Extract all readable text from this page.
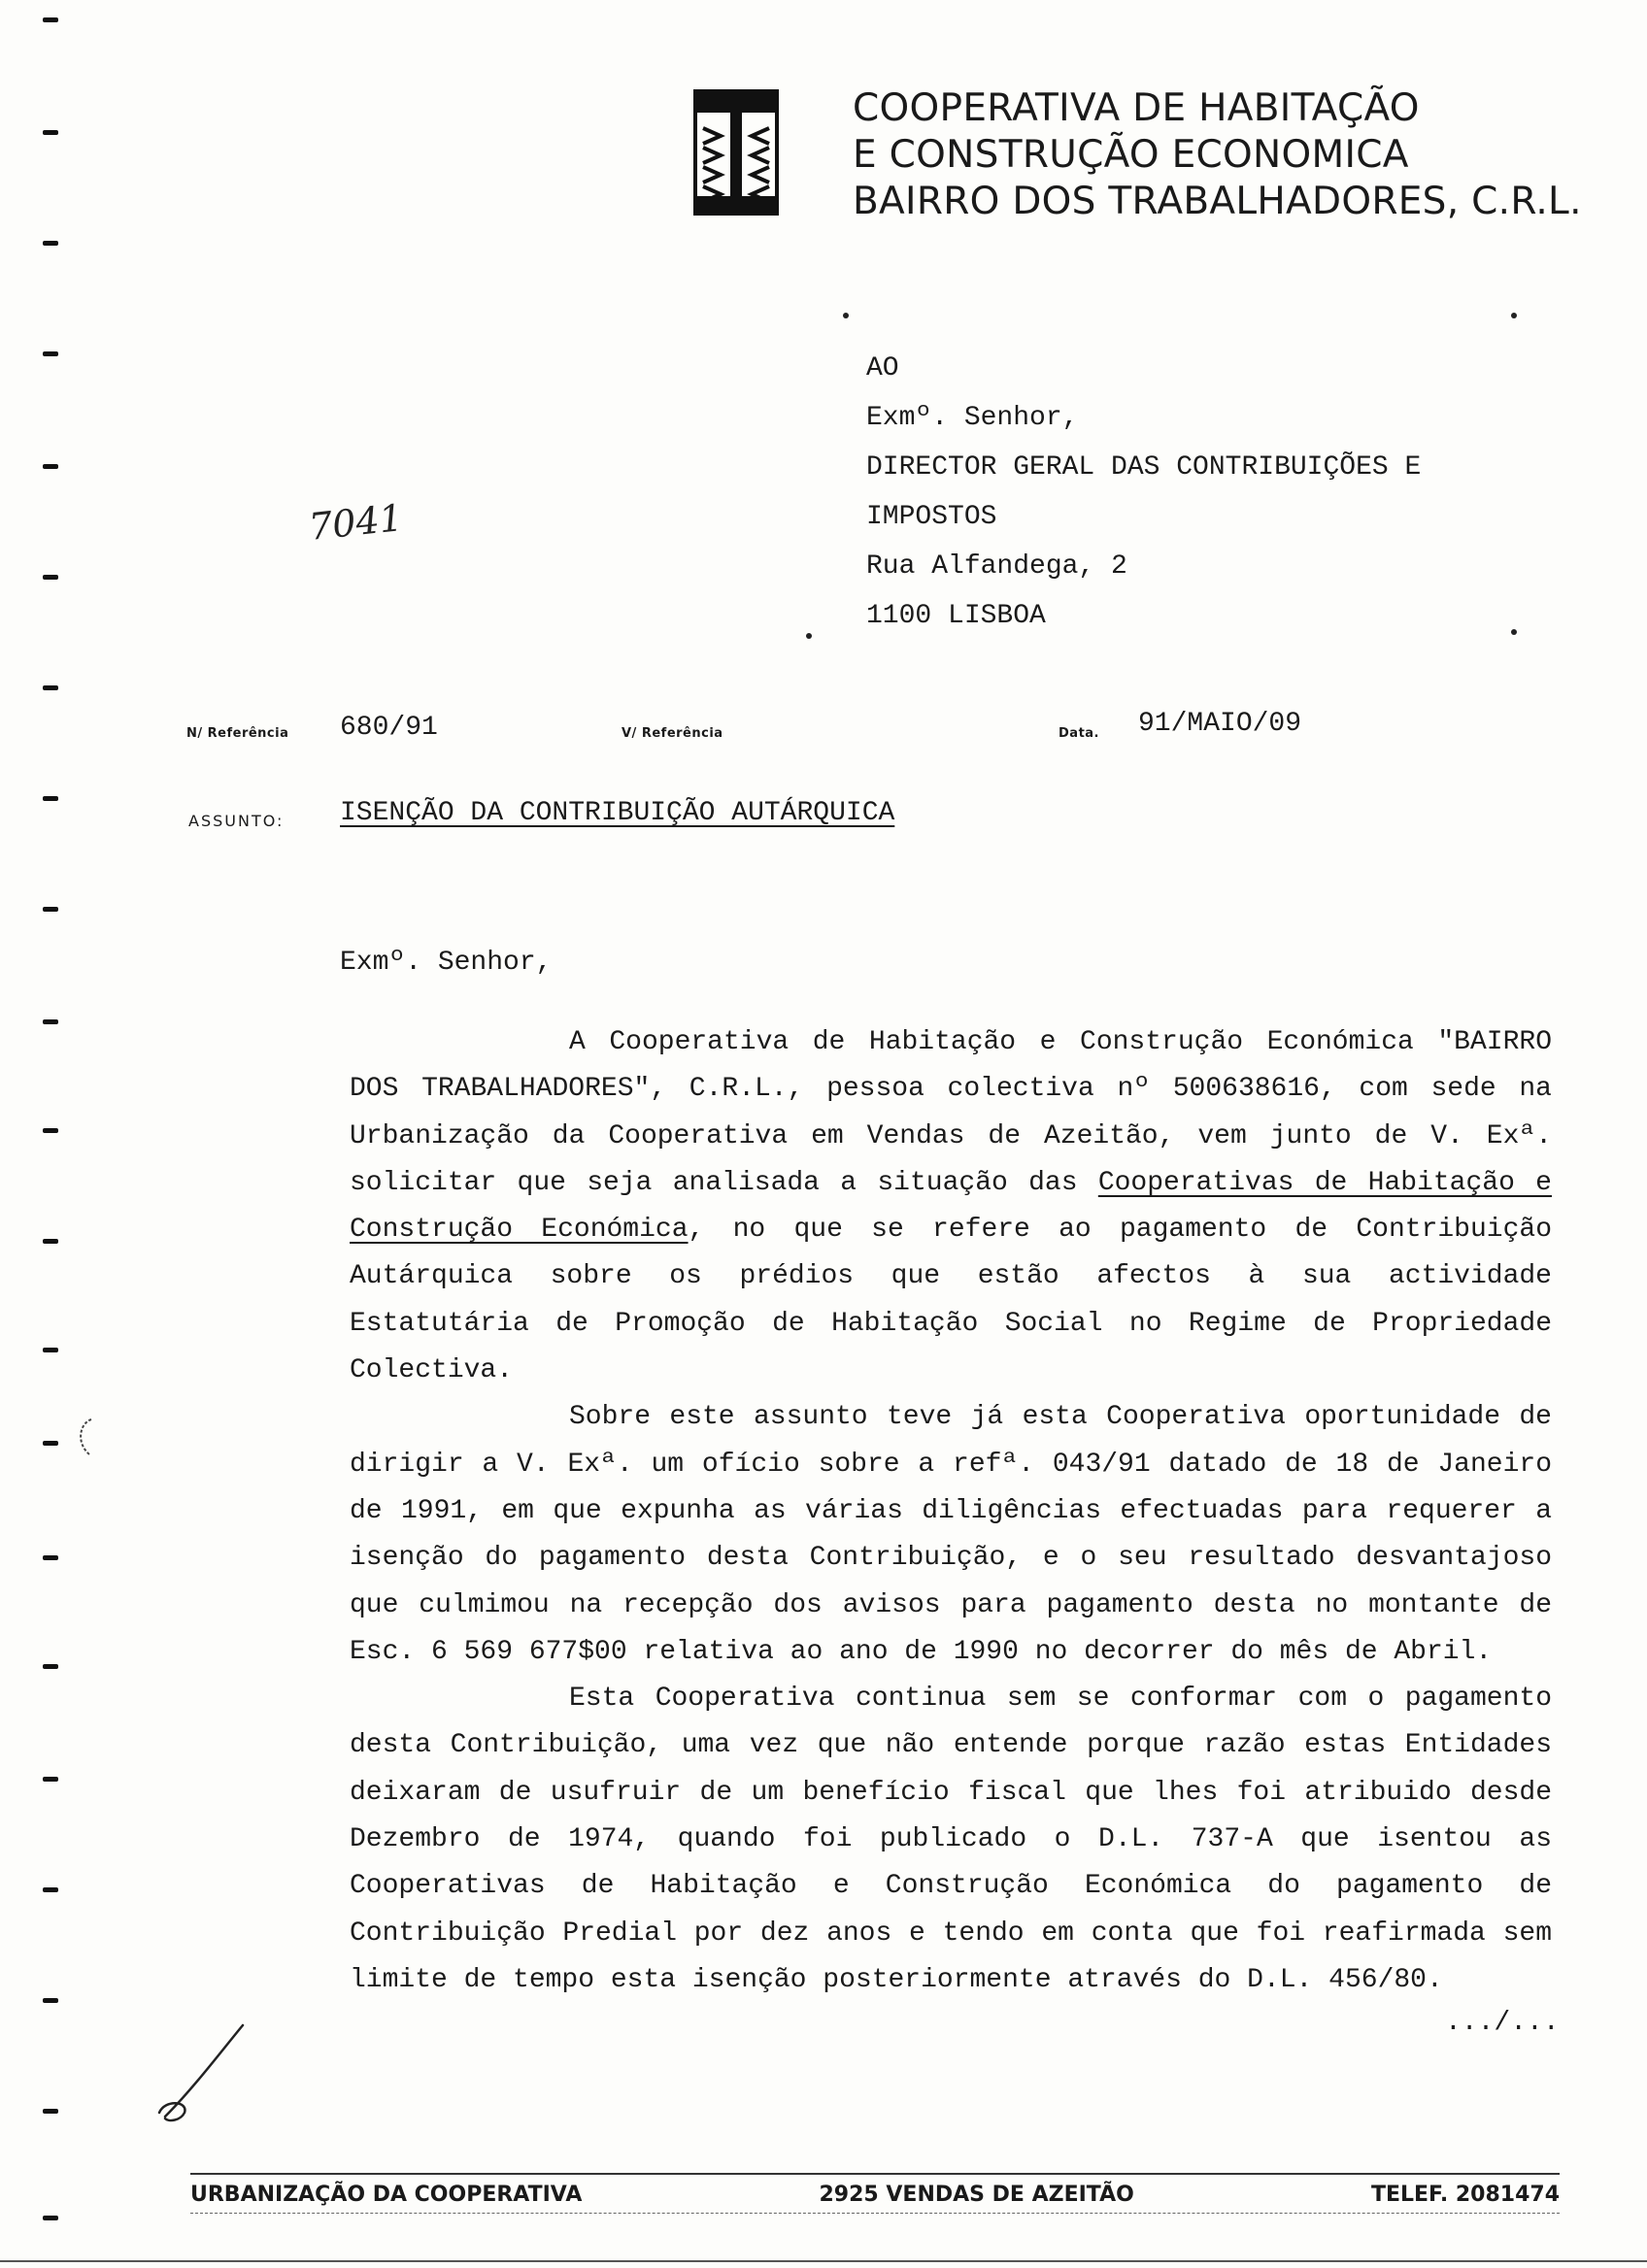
COOPERATIVA DE HABITAÇÃO
E CONSTRUÇÃO ECONOMICA
BAIRRO DOS TRABALHADORES, C.R.L.
AO
Exmº. Senhor,
DIRECTOR GERAL DAS CONTRIBUIÇÕES E
IMPOSTOS
Rua Alfandega, 2
1100 LISBOA
7041
N/ Referência 680/91	V/ Referência	Data. 91/MAIO/09
ASSUNTO: ISENÇÃO DA CONTRIBUIÇÃO AUTÁRQUICA
Exmº. Senhor,

A Cooperativa de Habitação e Construção Económica "BAIRRO DOS TRABALHADORES", C.R.L., pessoa colectiva nº 500638616, com sede na Urbanização da Cooperativa em Vendas de Azeitão, vem junto de V. Exª. solicitar que seja analisada a situação das Cooperativas de Habitação e Construção Económica, no que se refere ao pagamento de Contribuição Autárquica sobre os prédios que estão afectos à sua actividade Estatutária de Promoção de Habitação Social no Regime de Propriedade Colectiva.

Sobre este assunto teve já esta Cooperativa oportunidade de dirigir a V. Exª. um ofício sobre a refª. 043/91 datado de 18 de Janeiro de 1991, em que expunha as várias diligências efectuadas para requerer a isenção do pagamento desta Contribuição, e o seu resultado desvantajoso que culmimou na recepção dos avisos para pagamento desta no montante de Esc. 6 569 677$00 relativa ao ano de 1990 no decorrer do mês de Abril.

Esta Cooperativa continua sem se conformar com o pagamento desta Contribuição, uma vez que não entende porque razão estas Entidades deixaram de usufruir de um benefício fiscal que lhes foi atribuido desde Dezembro de 1974, quando foi publicado o D.L. 737-A que isentou as Cooperativas de Habitação e Construção Económica do pagamento de Contribuição Predial por dez anos e tendo em conta que foi reafirmada sem limite de tempo esta isenção posteriormente através do D.L. 456/80.

.../...
URBANIZAÇÃO DA COOPERATIVA	2925 VENDAS DE AZEITÃO	TELEF. 2081474
